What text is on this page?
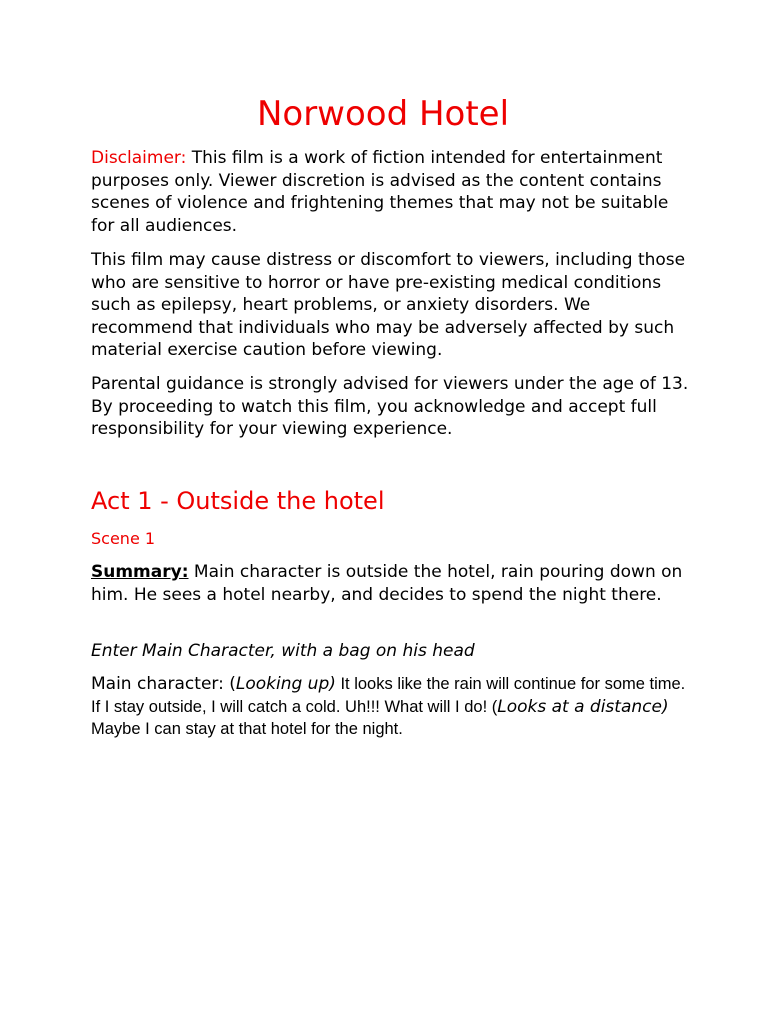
Norwood Hotel

Disclaimer: This film is a work of fiction intended for entertainment purposes only. Viewer discretion is advised as the content contains scenes of violence and frightening themes that may not be suitable for all audiences.

This film may cause distress or discomfort to viewers, including those who are sensitive to horror or have pre-existing medical conditions such as epilepsy, heart problems, or anxiety disorders. We recommend that individuals who may be adversely affected by such material exercise caution before viewing.

Parental guidance is strongly advised for viewers under the age of 13. By proceeding to watch this film, you acknowledge and accept full responsibility for your viewing experience.

Act 1 - Outside the hotel
Scene 1

Summary: Main character is outside the hotel, rain pouring down on him. He sees a hotel nearby, and decides to spend the night there.

Enter Main Character, with a bag on his head

Main character: (Looking up) It looks like the rain will continue for some time. If I stay outside, I will catch a cold. Uh!!! What will I do! (Looks at a distance) Maybe I can stay at that hotel for the night.
